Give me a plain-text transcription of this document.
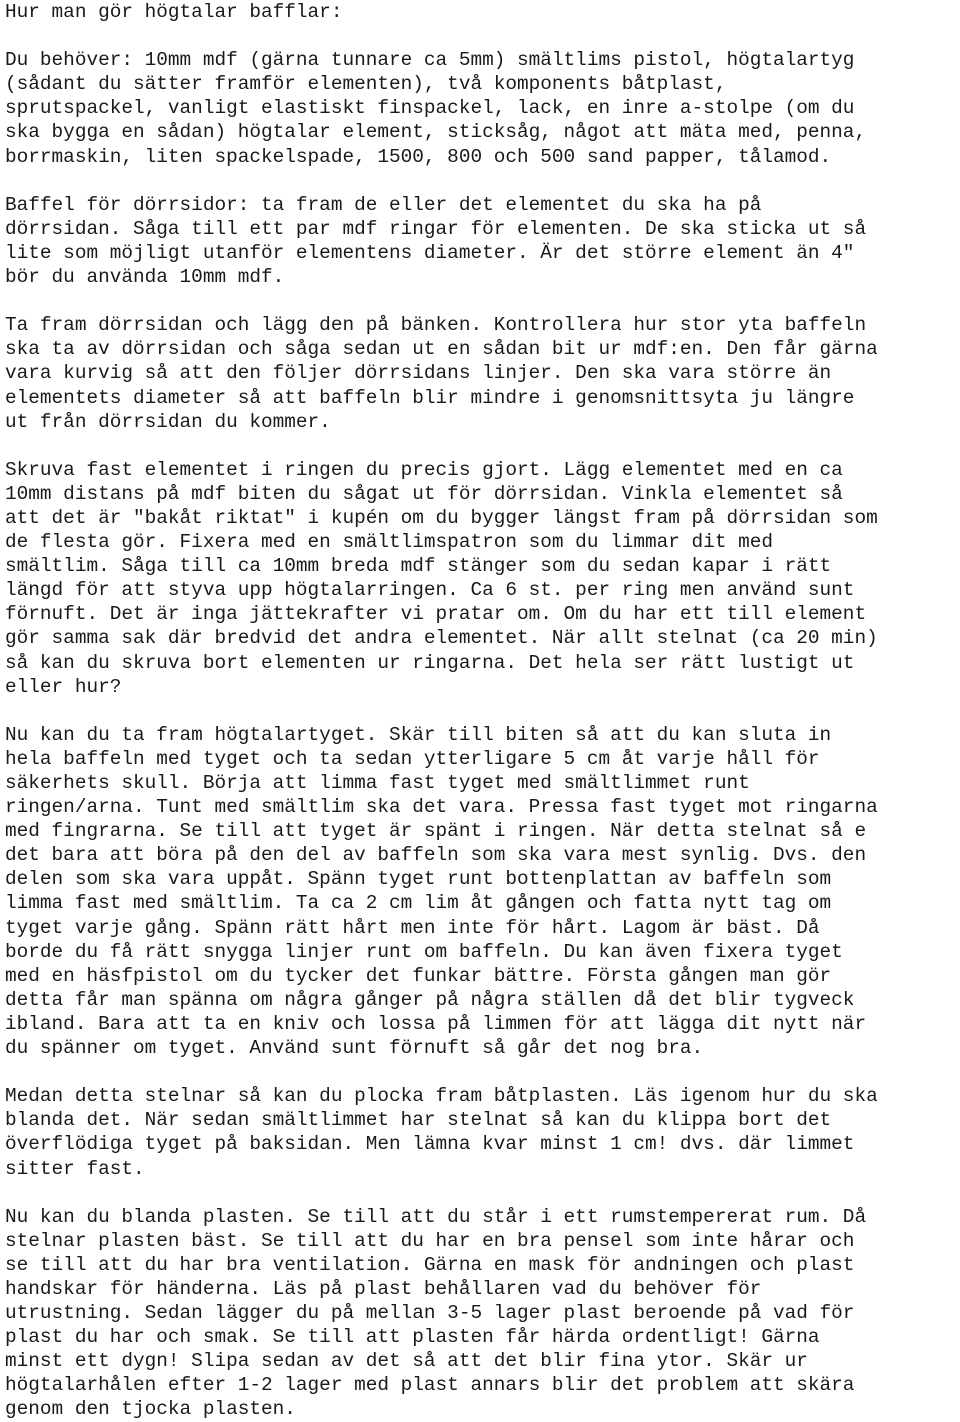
Hur man gör högtalar bafflar:

Du behöver: 10mm mdf (gärna tunnare ca 5mm) smältlims pistol, högtalartyg

(sådant du sätter framför elementen), två komponents båtplast,

sprutspackel, vanligt elastiskt finspackel, lack, en inre a-stolpe (om du

ska bygga en sådan) högtalar element, sticksåg, något att mäta med, penna,

borrmaskin, liten spackelspade, 1500, 800 och 500 sand papper, tålamod.

Baffel för dörrsidor: ta fram de eller det elementet du ska ha på

dörrsidan. Såga till ett par mdf ringar för elementen. De ska sticka ut så

lite som möjligt utanför elementens diameter. Är det större element än 4"

bör du använda 10mm mdf.

Ta fram dörrsidan och lägg den på bänken. Kontrollera hur stor yta baffeln

ska ta av dörrsidan och såga sedan ut en sådan bit ur mdf:en. Den får gärna

vara kurvig så att den följer dörrsidans linjer. Den ska vara större än

elementets diameter så att baffeln blir mindre i genomsnittsyta ju längre

ut från dörrsidan du kommer.

Skruva fast elementet i ringen du precis gjort. Lägg elementet med en ca

10mm distans på mdf biten du sågat ut för dörrsidan. Vinkla elementet så

att det är "bakåt riktat" i kupén om du bygger längst fram på dörrsidan som

de flesta gör. Fixera med en smältlimspatron som du limmar dit med

smältlim. Såga till ca 10mm breda mdf stänger som du sedan kapar i rätt

längd för att styva upp högtalarringen. Ca 6 st. per ring men använd sunt

förnuft. Det är inga jättekrafter vi pratar om. Om du har ett till element

gör samma sak där bredvid det andra elementet. När allt stelnat (ca 20 min)

så kan du skruva bort elementen ur ringarna. Det hela ser rätt lustigt ut

eller hur?

Nu kan du ta fram högtalartyget. Skär till biten så att du kan sluta in

hela baffeln med tyget och ta sedan ytterligare 5 cm åt varje håll för

säkerhets skull. Börja att limma fast tyget med smältlimmet runt

ringen/arna. Tunt med smältlim ska det vara. Pressa fast tyget mot ringarna

med fingrarna. Se till att tyget är spänt i ringen. När detta stelnat så e

det bara att böra på den del av baffeln som ska vara mest synlig. Dvs. den

delen som ska vara uppåt. Spänn tyget runt bottenplattan av baffeln som

limma fast med smältlim. Ta ca 2 cm lim åt gången och fatta nytt tag om

tyget varje gång. Spänn rätt hårt men inte för hårt. Lagom är bäst. Då

borde du få rätt snygga linjer runt om baffeln. Du kan även fixera tyget

med en häsfpistol om du tycker det funkar bättre. Första gången man gör

detta får man spänna om några gånger på några ställen då det blir tygveck

ibland. Bara att ta en kniv och lossa på limmen för att lägga dit nytt när

du spänner om tyget. Använd sunt förnuft så går det nog bra.

Medan detta stelnar så kan du plocka fram båtplasten. Läs igenom hur du ska

blanda det. När sedan smältlimmet har stelnat så kan du klippa bort det

överflödiga tyget på baksidan. Men lämna kvar minst 1 cm! dvs. där limmet

sitter fast.

Nu kan du blanda plasten. Se till att du står i ett rumstempererat rum. Då

stelnar plasten bäst. Se till att du har en bra pensel som inte hårar och

se till att du har bra ventilation. Gärna en mask för andningen och plast

handskar för händerna. Läs på plast behållaren vad du behöver för

utrustning. Sedan lägger du på mellan 3-5 lager plast beroende på vad för

plast du har och smak. Se till att plasten får härda ordentligt! Gärna

minst ett dygn! Slipa sedan av det så att det blir fina ytor. Skär ur

högtalarhålen efter 1-2 lager med plast annars blir det problem att skära

genom den tjocka plasten.
